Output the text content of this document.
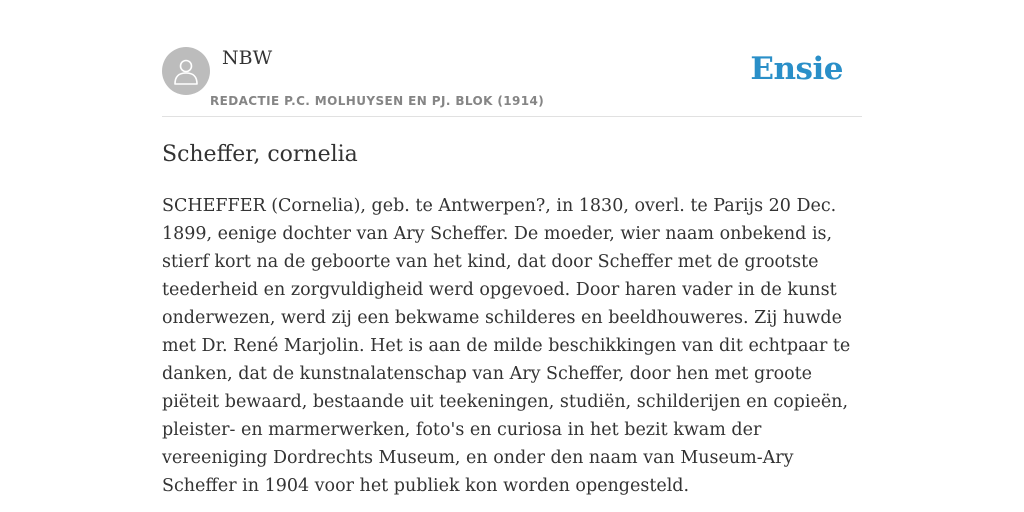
NBW
REDACTIE P.C. MOLHUYSEN EN PJ. BLOK (1914)
Ensie
Scheffer, cornelia

SCHEFFER (Cornelia), geb. te Antwerpen?, in 1830, overl. te Parijs 20 Dec. 1899, eenige dochter van Ary Scheffer. De moeder, wier naam onbekend is, stierf kort na de geboorte van het kind, dat door Scheffer met de grootste teederheid en zorgvuldigheid werd opgevoed. Door haren vader in de kunst onderwezen, werd zij een bekwame schilderes en beeldhouweres. Zij huwde met Dr. René Marjolin. Het is aan de milde beschikkingen van dit echtpaar te danken, dat de kunstnalatenschap van Ary Scheffer, door hen met groote piëteit bewaard, bestaande uit teekeningen, studiën, schilderijen en copieën, pleister- en marmerwerken, foto's en curiosa in het bezit kwam der vereeniging Dordrechts Museum, en onder den naam van Museum-Ary Scheffer in 1904 voor het publiek kon worden opengesteld.
